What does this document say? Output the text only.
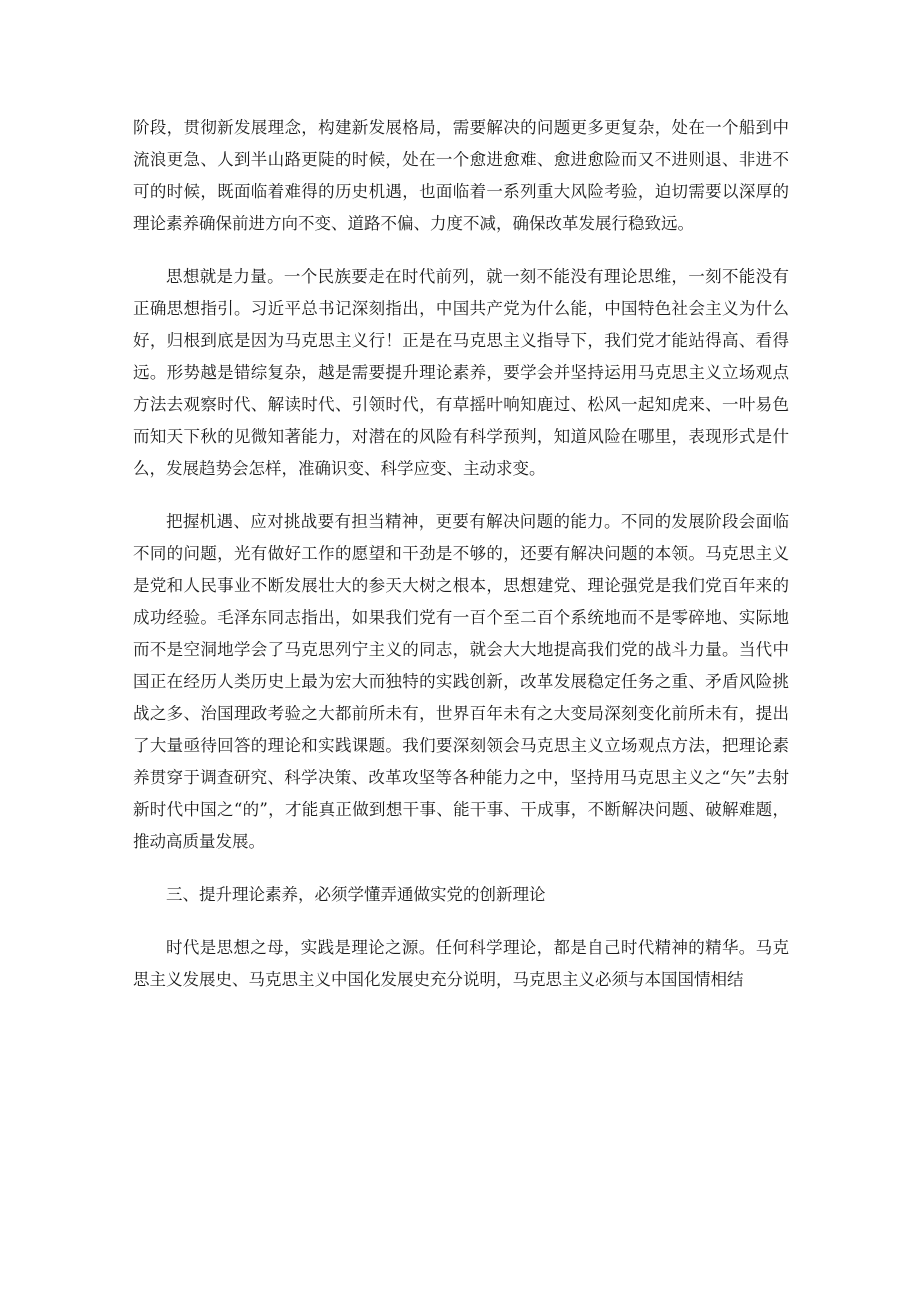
阶段，贯彻新发展理念，构建新发展格局，需要解决的问题更多更复杂，处在一个船到中流浪更急、人到半山路更陡的时候，处在一个愈进愈难、愈进愈险而又不进则退、非进不可的时候，既面临着难得的历史机遇，也面临着一系列重大风险考验，迫切需要以深厚的理论素养确保前进方向不变、道路不偏、力度不减，确保改革发展行稳致远。

思想就是力量。一个民族要走在时代前列，就一刻不能没有理论思维，一刻不能没有正确思想指引。习近平总书记深刻指出，中国共产党为什么能，中国特色社会主义为什么好，归根到底是因为马克思主义行！正是在马克思主义指导下，我们党才能站得高、看得远。形势越是错综复杂，越是需要提升理论素养，要学会并坚持运用马克思主义立场观点方法去观察时代、解读时代、引领时代，有草摇叶响知鹿过、松风一起知虎来、一叶易色而知天下秋的见微知著能力，对潜在的风险有科学预判，知道风险在哪里，表现形式是什么，发展趋势会怎样，准确识变、科学应变、主动求变。

把握机遇、应对挑战要有担当精神，更要有解决问题的能力。不同的发展阶段会面临不同的问题，光有做好工作的愿望和干劲是不够的，还要有解决问题的本领。马克思主义是党和人民事业不断发展壮大的参天大树之根本，思想建党、理论强党是我们党百年来的成功经验。毛泽东同志指出，如果我们党有一百个至二百个系统地而不是零碎地、实际地而不是空洞地学会了马克思列宁主义的同志，就会大大地提高我们党的战斗力量。当代中国正在经历人类历史上最为宏大而独特的实践创新，改革发展稳定任务之重、矛盾风险挑战之多、治国理政考验之大都前所未有，世界百年未有之大变局深刻变化前所未有，提出了大量亟待回答的理论和实践课题。我们要深刻领会马克思主义立场观点方法，把理论素养贯穿于调查研究、科学决策、改革攻坚等各种能力之中，坚持用马克思主义之“矢”去射新时代中国之“的”，才能真正做到想干事、能干事、干成事，不断解决问题、破解难题，推动高质量发展。

三、提升理论素养，必须学懂弄通做实党的创新理论

时代是思想之母，实践是理论之源。任何科学理论，都是自己时代精神的精华。马克思主义发展史、马克思主义中国化发展史充分说明，马克思主义必须与本国国情相结
